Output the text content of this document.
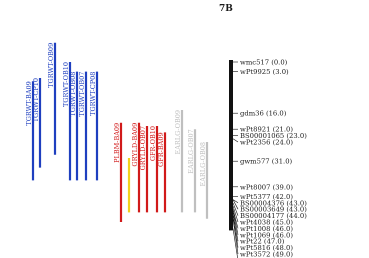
7B
wmc517 (0.0)
wPt9925 (3.0)
gdm36 (16.0)
wPt8921 (21.0)
BS00001065 (23.0)
wPt2356 (24.0)
gwm577 (31.0)
wPt8007 (39.0)
wPt5377 (42.0)
BS00004376 (43.0)
BS00003649 (43.0)
BS00004177 (44.0)
wPt4038 (45.0)
wPt1008 (46.0)
wPt1069 (46.0)
wPt22 (47.0)
wPt5816 (48.0)
wPt3572 (49.0)
TGRWT-BA09 TGRWT-CP10
TGRWT-OB09 TGRWT-OB10 TGRWT-OB08 TGRWT-OB07 TGRWT-CP08
PLBM-BA09 GRYLD-BA09 GRYLD-OB07 GFR-OB10 GFR-BA09 EARLG-OB09 EARLG-OB07 EARLG-OB08
